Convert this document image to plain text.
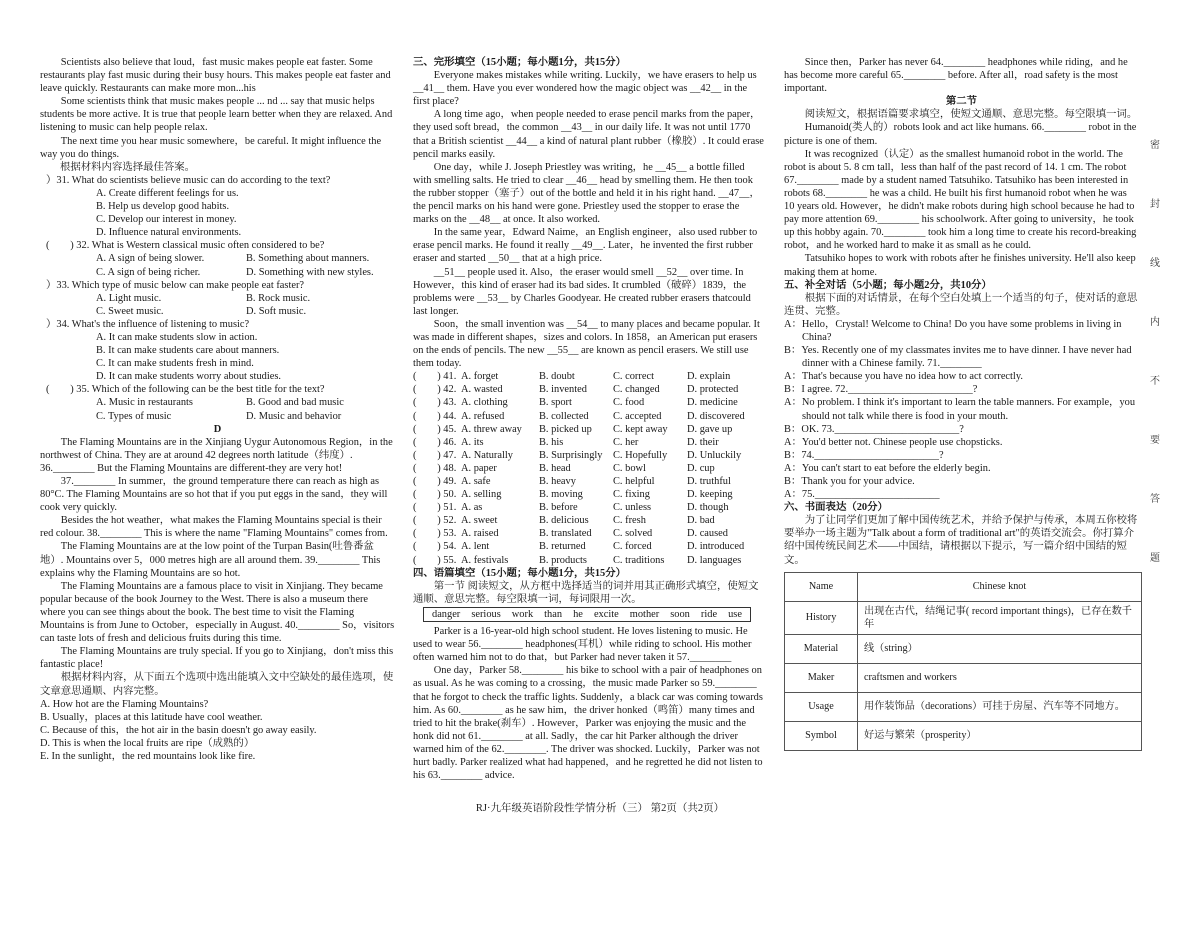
Scientists also believe that loud，fast music makes people eat faster. Some restaurants play fast music during their busy hours. This makes people eat faster and leave quickly. Restaurants can make more mon...his

Some scientists think that music makes people ... nd ... say that music helps students be more active. It is true that people learn better when they are relaxed. And listening to music can help people relax.

The next time you hear music somewhere，be careful. It might influence the way you do things.

根据材料内容选择最佳答案。

）31. What do scientists believe music can do according to the text?

A. Create different feelings for us.

B. Help us develop good habits.

C. Develop our interest in money.

D. Influence natural environments.

(　　) 32. What is Western classical music often considered to be?

A. A sign of being slower.	B. Something about manners.
C. A sign of being richer.	D. Something with new styles.

）33. Which type of music below can make people eat faster?

A. Light music.	B. Rock music.
C. Sweet music.	D. Soft music.

）34. What's the influence of listening to music?

A. It can make students slow in action.

B. It can make students care about manners.

C. It can make students fresh in mind.

D. It can make students worry about studies.

(　　) 35. Which of the following can be the best title for the text?

A. Music in restaurants	B. Good and bad music
C. Types of music	D. Music and behavior

D

The Flaming Mountains are in the Xinjiang Uygur Autonomous Region，in the northwest of China. They are at around 42 degrees north latitude（纬度）. 36.________ But the Flaming Mountains are different-they are very hot!

37.________ In summer，the ground temperature there can reach as high as 80°C. The Flaming Mountains are so hot that if you put eggs in the sand，they will cook very quickly.

Besides the hot weather，what makes the Flaming Mountains special is their red colour. 38.________ This is where the name "Flaming Mountains" comes from.

The Flaming Mountains are at the low point of the Turpan Basin(吐鲁番盆地）. Mountains over 5，000 metres high are all around them. 39.________ This explains why the Flaming Mountains are so hot.

The Flaming Mountains are a famous place to visit in Xinjiang. They became popular because of the book Journey to the West. There is also a museum there where you can see things about the book. The best time to visit the Flaming Mountains is from June to October，especially in August. 40.________ So，visitors can taste lots of fresh and delicious fruits during this time.

The Flaming Mountains are truly special. If you go to Xinjiang，don't miss this fantastic place!

根据材料内容，从下面五个选项中选出能填入文中空缺处的最佳选项，使文章意思通顺、内容完整。

A. How hot are the Flaming Mountains?

B. Usually，places at this latitude have cool weather.

C. Because of this，the hot air in the basin doesn't go away easily.

D. This is when the local fruits are ripe（成熟的）

E. In the sunlight，the red mountains look like fire.

三、完形填空（15小题；每小题1分，共15分）

Everyone makes mistakes while writing. Luckily，we have erasers to help us __41__ them. Have you ever wondered how the magic object was __42__ in the first place?

A long time ago，when people needed to erase pencil marks from the paper，they used soft bread，the common __43__ in our daily life. It was not until 1770 that a British scientist __44__ a kind of natural plant rubber（橡胶）. It could erase pencil marks easily.

One day，while J. Joseph Priestley was writing，he __45__ a bottle filled with smelling salts. He tried to clear __46__ head by smelling them. He then took the rubber stopper（塞子）out of the bottle and held it in his right hand. __47__，the pencil marks on his hand were gone. Priestley used the stopper to erase the marks on the __48__ at once. It also worked.

In the same year，Edward Naime，an English engineer，also used rubber to erase pencil marks. He found it really __49__. Later，he invented the first rubber eraser and started __50__ that at a high price.

__51__ people used it. Also，the eraser would smell __52__ over time. In However，this kind of eraser had its bad sides. It crumbled（破碎）1839，the problems were __53__ by Charles Goodyear. He created rubber erasers thatcould last longer.

Soon，the small invention was __54__ to many places and became popular. It was made in different shapes，sizes and colors. In 1858，an American put erasers on the ends of pencils. The new __55__ are known as pencil erasers. We still use them today.

(　　) 41. A. forget	B. doubt	C. correct	D. explain
(　　) 42. A. wasted	B. invented	C. changed	D. protected
(　　) 43. A. clothing	B. sport	C. food	D. medicine
(　　) 44. A. refused	B. collected	C. accepted	D. discovered
(　　) 45. A. threw away	B. picked up	C. kept away	D. gave up
(　　) 46. A. its	B. his	C. her	D. their
(　　) 47. A. Naturally	B. Surprisingly	C. Hopefully	D. Unluckily
(　　) 48. A. paper	B. head	C. bowl	D. cup
(　　) 49. A. safe	B. heavy	C. helpful	D. truthful
(　　) 50. A. selling	B. moving	C. fixing	D. keeping
(　　) 51. A. as	B. before	C. unless	D. though
(　　) 52. A. sweet	B. delicious	C. fresh	D. bad
(　　) 53. A. raised	B. translated	C. solved	D. caused
(　　) 54. A. lent	B. returned	C. forced	D. introduced
(　　) 55. A. festivals	B. products	C. traditions	D. languages

四、语篇填空（15小题；每小题1分，共15分）

第一节 阅读短文，从方框中选择适当的词并用其正确形式填空，使短文通顺、意思完整。每空限填一词，每词限用一次。

danger serious work than he excite mother soon ride use

Parker is a 16-year-old high school student. He loves listening to music. He used to wear 56.________ headphones(耳机）while riding to school. His mother often warned him not to do that，but Parker had never taken it 57.________

One day，Parker 58.________ his bike to school with a pair of headphones on as usual. As he was coming to a crossing，the music made Parker so 59.________ that he forgot to check the traffic lights. Suddenly，a black car was coming towards him. As 60.________ as he saw him，the driver honked（鸣笛）many times and tried to hit the brake(刹车）. However，Parker was enjoying the music and the honk did not 61.________ at all. Sadly，the car hit Parker although the driver warned him of the 62.________. The driver was shocked. Luckily，Parker was not hurt badly. Parker realized what had happened，and he regretted he did not listen to his 63.________ advice.

Since then，Parker has never 64.________ headphones while riding，and he has become more careful 65.________ before. After all，road safety is the most important.

第二节

阅读短文，根据语篇要求填空，使短文通顺、意思完整。每空限填一词。

Humanoid(类人的）robots look and act like humans. 66.________ robot in the picture is one of them.

It was recognized（认定）as the smallest humanoid robot in the world. The robot is about 5. 8 cm tall，less than half of the past record of 14. 1 cm. The robot 67.________ made by a student named Tatsuhiko. Tatsuhiko has been interested in robots 68.________ he was a child. He built his first humanoid robot when he was 10 years old. However，he didn't make robots during high school because he had to pay more attention 69.________ his schoolwork. After going to university，he took up this hobby again. 70.________ took him a long time to create his record-breaking robot，and he worked hard to make it as small as he could.

Tatsuhiko hopes to work with robots after he finishes university. He'll also keep making them at home.

五、补全对话（5小题；每小题2分，共10分）

根据下面的对话情景，在每个空白处填上一个适当的句子，使对话的意思连贯、完整。

A：Hello，Crystal! Welcome to China! Do you have some problems in living in China?

B：Yes. Recently one of my classmates invites me to have dinner. I have never had dinner with a Chinese family. 71.________

A：That's because you have no idea how to act correctly.

B：I agree. 72.________________________?

A：No problem. I think it's important to learn the table manners. For example，you should not talk while there is food in your mouth.

B：OK. 73.________________________?

A：You'd better not. Chinese people use chopsticks.

B：74.________________________?

A：You can't start to eat before the elderly begin.

B：Thank you for your advice.

A：75.________________________

六、书面表达（20分）

为了让同学们更加了解中国传统艺术，并给予保护与传承，本周五你校将要举办一场主题为"Talk about a form of traditional art"的英语交流会。你打算介绍中国传统民间艺术——中国结，请根据以下提示，写一篇介绍中国结的短文。

Name	Chinese knot
History	出现在古代，结绳记事( record important things)，已存在数千年
Material	线（string）
Maker	craftsmen and workers
Usage	用作装饰品（decorations）可挂于房屋、汽车等不同地方。
Symbol	好运与繁荣（prosperity）
RJ·九年级英语阶段性学情分析（三） 第2页（共2页）
密
封
线
内
不
要
答
题
